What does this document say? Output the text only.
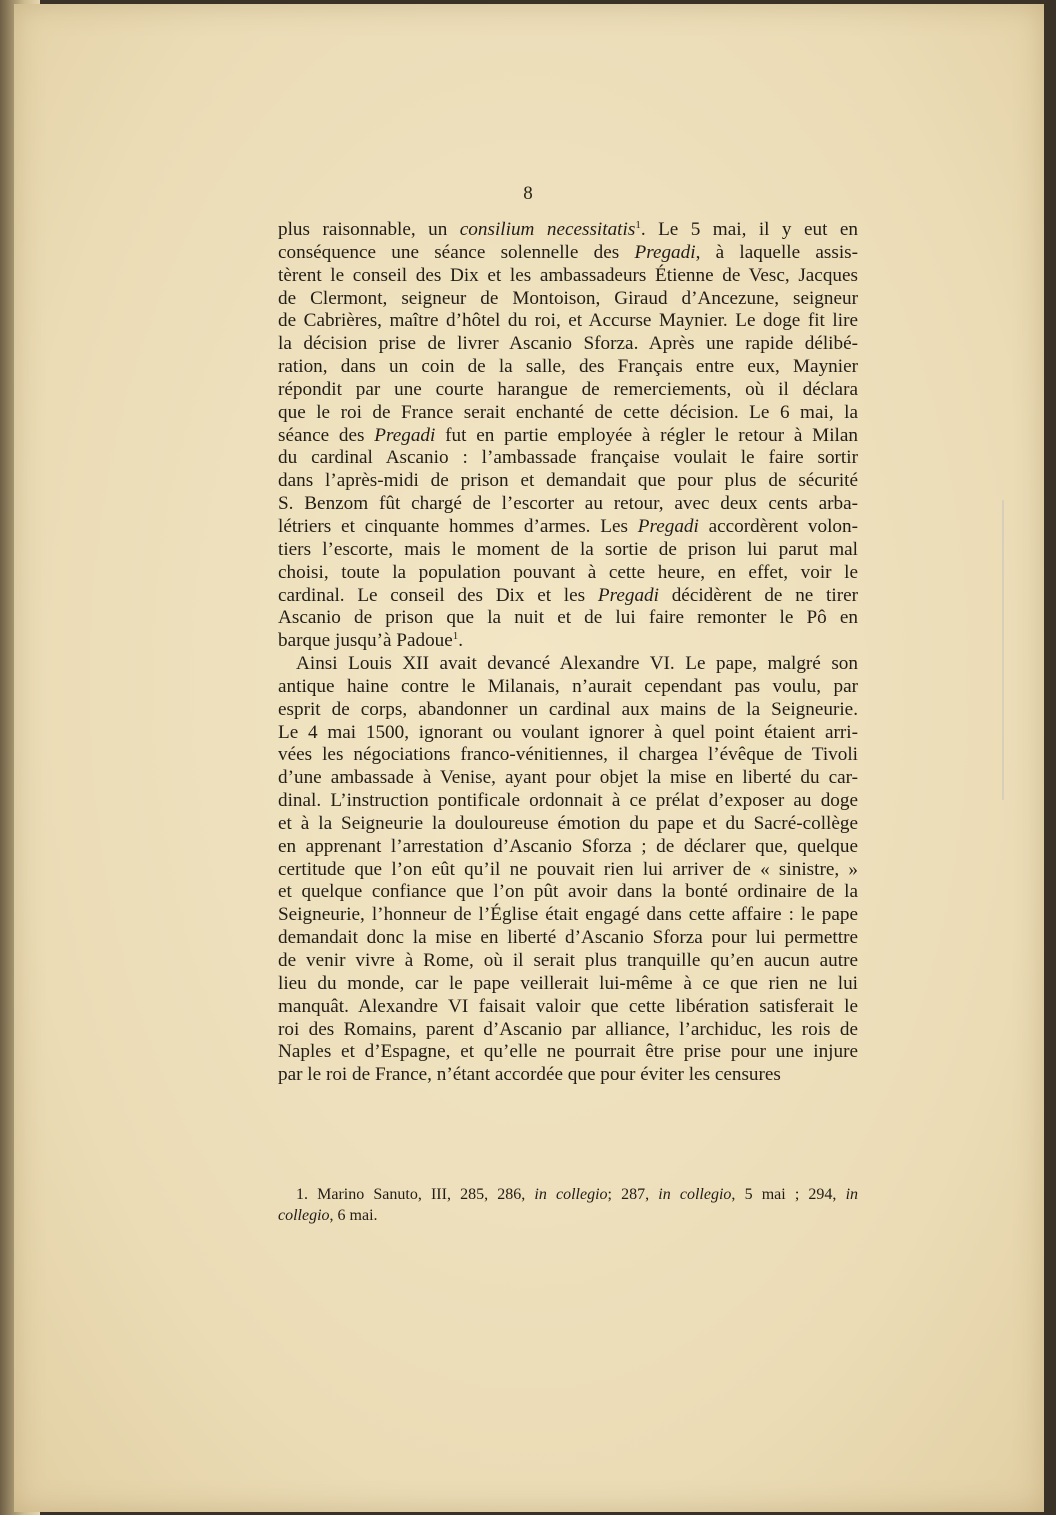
8
plus raisonnable, un consilium necessitatis$^1$. Le 5 mai, il y eut en
conséquence une séance solennelle des Pregadi, à laquelle assis-
tèrent le conseil des Dix et les ambassadeurs Étienne de Vesc, Jacques
de Clermont, seigneur de Montoison, Giraud d’Ancezune, seigneur
de Cabrières, maître d’hôtel du roi, et Accurse Maynier. Le doge fit lire
la décision prise de livrer Ascanio Sforza. Après une rapide délibé-
ration, dans un coin de la salle, des Français entre eux, Maynier
répondit par une courte harangue de remerciements, où il déclara
que le roi de France serait enchanté de cette décision. Le 6 mai, la
séance des Pregadi fut en partie employée à régler le retour à Milan
du cardinal Ascanio : l’ambassade française voulait le faire sortir
dans l’après-midi de prison et demandait que pour plus de sécurité
S. Benzom fût chargé de l’escorter au retour, avec deux cents arba-
létriers et cinquante hommes d’armes. Les Pregadi accordèrent volon-
tiers l’escorte, mais le moment de la sortie de prison lui parut mal
choisi, toute la population pouvant à cette heure, en effet, voir le
cardinal. Le conseil des Dix et les Pregadi décidèrent de ne tirer
Ascanio de prison que la nuit et de lui faire remonter le Pô en
barque jusqu’à Padoue$^1$.
Ainsi Louis XII avait devancé Alexandre VI. Le pape, malgré son
antique haine contre le Milanais, n’aurait cependant pas voulu, par
esprit de corps, abandonner un cardinal aux mains de la Seigneurie.
Le 4 mai 1500, ignorant ou voulant ignorer à quel point étaient arri-
vées les négociations franco-vénitiennes, il chargea l’évêque de Tivoli
d’une ambassade à Venise, ayant pour objet la mise en liberté du car-
dinal. L’instruction pontificale ordonnait à ce prélat d’exposer au doge
et à la Seigneurie la douloureuse émotion du pape et du Sacré-collège
en apprenant l’arrestation d’Ascanio Sforza ; de déclarer que, quelque
certitude que l’on eût qu’il ne pouvait rien lui arriver de « sinistre, »
et quelque confiance que l’on pût avoir dans la bonté ordinaire de la
Seigneurie, l’honneur de l’Église était engagé dans cette affaire : le pape
demandait donc la mise en liberté d’Ascanio Sforza pour lui permettre
de venir vivre à Rome, où il serait plus tranquille qu’en aucun autre
lieu du monde, car le pape veillerait lui-même à ce que rien ne lui
manquât. Alexandre VI faisait valoir que cette libération satisferait le
roi des Romains, parent d’Ascanio par alliance, l’archiduc, les rois de
Naples et d’Espagne, et qu’elle ne pourrait être prise pour une injure
par le roi de France, n’étant accordée que pour éviter les censures
1. Marino Sanuto, III, 285, 286, in collegio; 287, in collegio, 5 mai ; 294, in
collegio, 6 mai.
